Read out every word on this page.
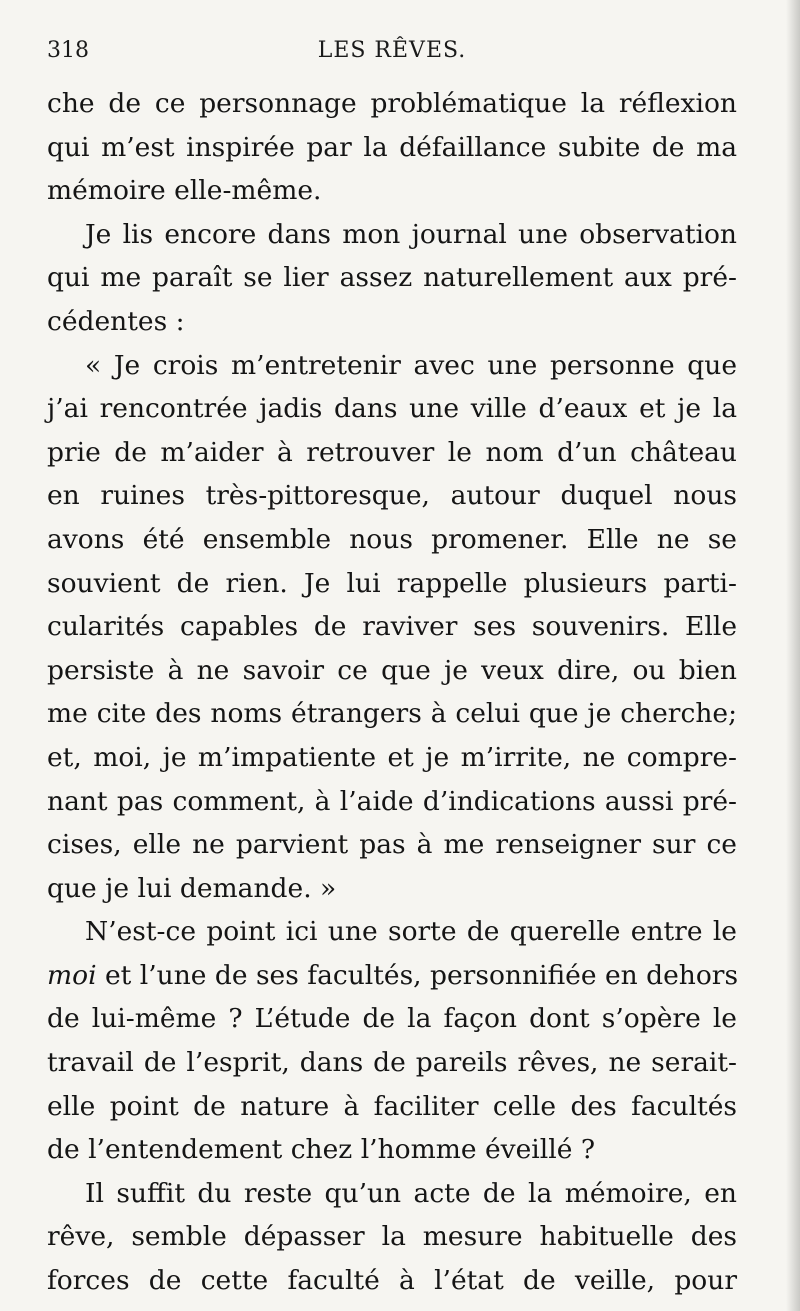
318	LES RÊVES.
che de ce personnage problématique la réflexion
qui m’est inspirée par la défaillance subite de ma
mémoire elle-même.
Je lis encore dans mon journal une observation
qui me paraît se lier assez naturellement aux pré-
cédentes :
« Je crois m’entretenir avec une personne que
j’ai rencontrée jadis dans une ville d’eaux et je la
prie de m’aider à retrouver le nom d’un château
en ruines très-pittoresque, autour duquel nous
avons été ensemble nous promener. Elle ne se
souvient de rien. Je lui rappelle plusieurs parti-
cularités capables de raviver ses souvenirs. Elle
persiste à ne savoir ce que je veux dire, ou bien
me cite des noms étrangers à celui que je cherche;
et, moi, je m’impatiente et je m’irrite, ne compre-
nant pas comment, à l’aide d’indications aussi pré-
cises, elle ne parvient pas à me renseigner sur ce
que je lui demande. »
N’est-ce point ici une sorte de querelle entre le
moi et l’une de ses facultés, personnifiée en dehors
de lui-même ? L’étude de la façon dont s’opère le
travail de l’esprit, dans de pareils rêves, ne serait-
elle point de nature à faciliter celle des facultés
de l’entendement chez l’homme éveillé ?
Il suffit du reste qu’un acte de la mémoire, en
rêve, semble dépasser la mesure habituelle des
forces de cette faculté à l’état de veille, pour
